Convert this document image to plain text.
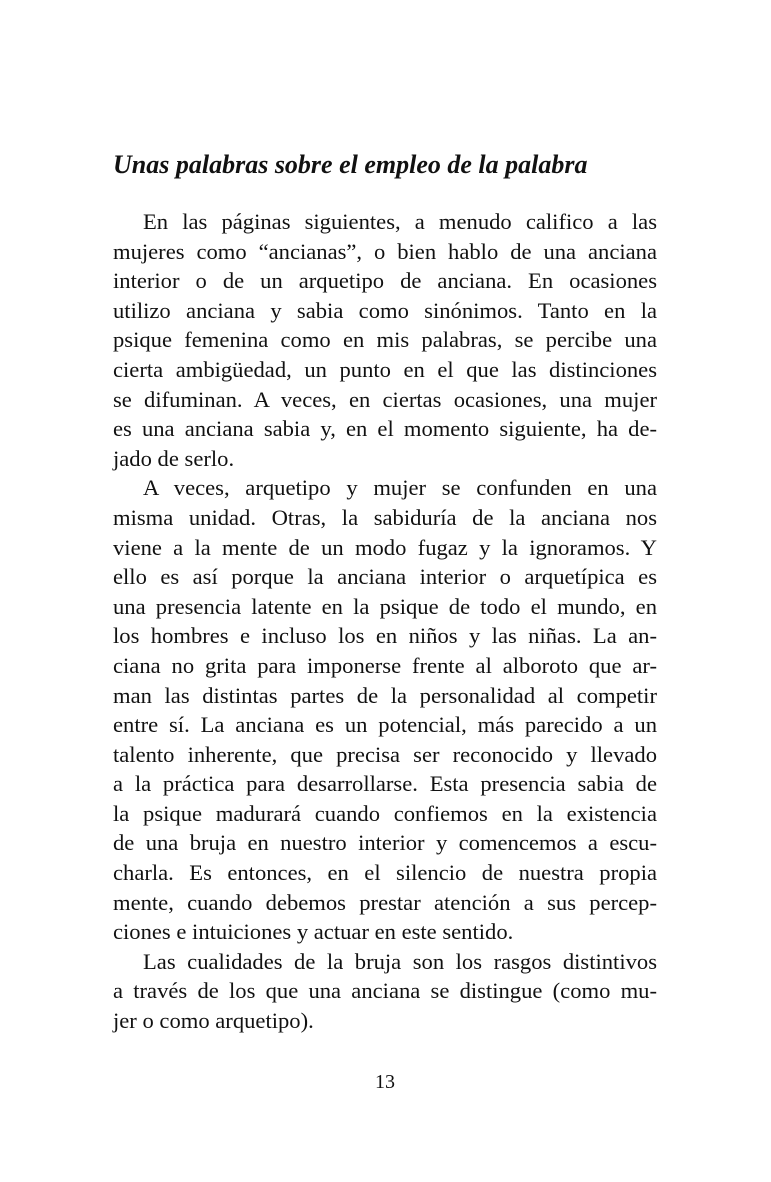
Unas palabras sobre el empleo de la palabra

En las páginas siguientes, a menudo califico a las
mujeres como “ancianas”, o bien hablo de una anciana
interior o de un arquetipo de anciana. En ocasiones
utilizo anciana y sabia como sinónimos. Tanto en la
psique femenina como en mis palabras, se percibe una
cierta ambigüedad, un punto en el que las distinciones
se difuminan. A veces, en ciertas ocasiones, una mujer
es una anciana sabia y, en el momento siguiente, ha de-
jado de serlo.

A veces, arquetipo y mujer se confunden en una
misma unidad. Otras, la sabiduría de la anciana nos
viene a la mente de un modo fugaz y la ignoramos. Y
ello es así porque la anciana interior o arquetípica es
una presencia latente en la psique de todo el mundo, en
los hombres e incluso los en niños y las niñas. La an-
ciana no grita para imponerse frente al alboroto que ar-
man las distintas partes de la personalidad al competir
entre sí. La anciana es un potencial, más parecido a un
talento inherente, que precisa ser reconocido y llevado
a la práctica para desarrollarse. Esta presencia sabia de
la psique madurará cuando confiemos en la existencia
de una bruja en nuestro interior y comencemos a escu-
charla. Es entonces, en el silencio de nuestra propia
mente, cuando debemos prestar atención a sus percep-
ciones e intuiciones y actuar en este sentido.

Las cualidades de la bruja son los rasgos distintivos
a través de los que una anciana se distingue (como mu-
jer o como arquetipo).

13
